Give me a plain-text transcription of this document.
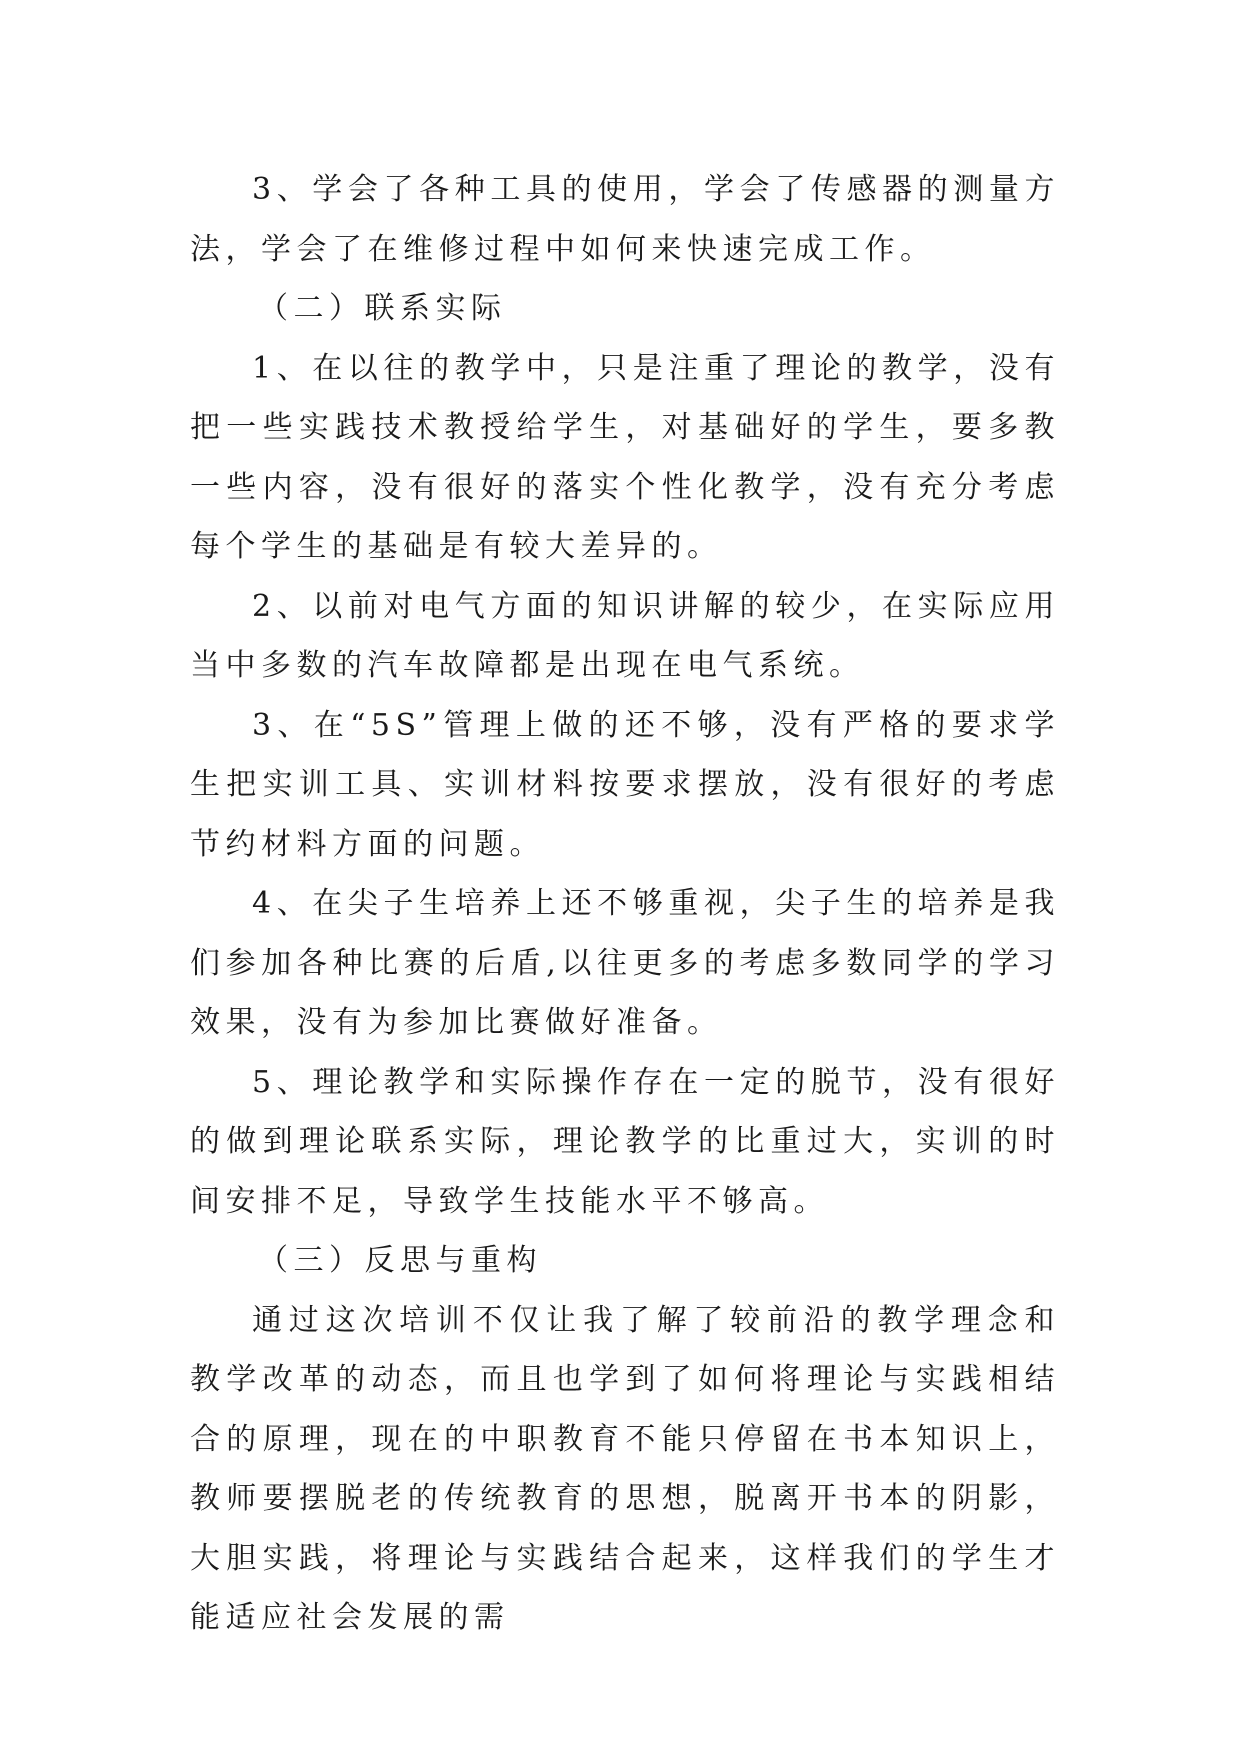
3、学会了各种工具的使用，学会了传感器的测量方法，学会了在维修过程中如何来快速完成工作。

（二）联系实际

1、在以往的教学中，只是注重了理论的教学，没有把一些实践技术教授给学生，对基础好的学生，要多教一些内容，没有很好的落实个性化教学，没有充分考虑每个学生的基础是有较大差异的。

2、以前对电气方面的知识讲解的较少，在实际应用当中多数的汽车故障都是出现在电气系统。

3、在“5S”管理上做的还不够，没有严格的要求学生把实训工具、实训材料按要求摆放，没有很好的考虑节约材料方面的问题。

4、在尖子生培养上还不够重视，尖子生的培养是我们参加各种比赛的后盾,以往更多的考虑多数同学的学习效果，没有为参加比赛做好准备。

5、理论教学和实际操作存在一定的脱节，没有很好的做到理论联系实际，理论教学的比重过大，实训的时间安排不足，导致学生技能水平不够高。

（三）反思与重构

通过这次培训不仅让我了解了较前沿的教学理念和教学改革的动态，而且也学到了如何将理论与实践相结合的原理，现在的中职教育不能只停留在书本知识上，教师要摆脱老的传统教育的思想，脱离开书本的阴影，大胆实践，将理论与实践结合起来，这样我们的学生才能适应社会发展的需
